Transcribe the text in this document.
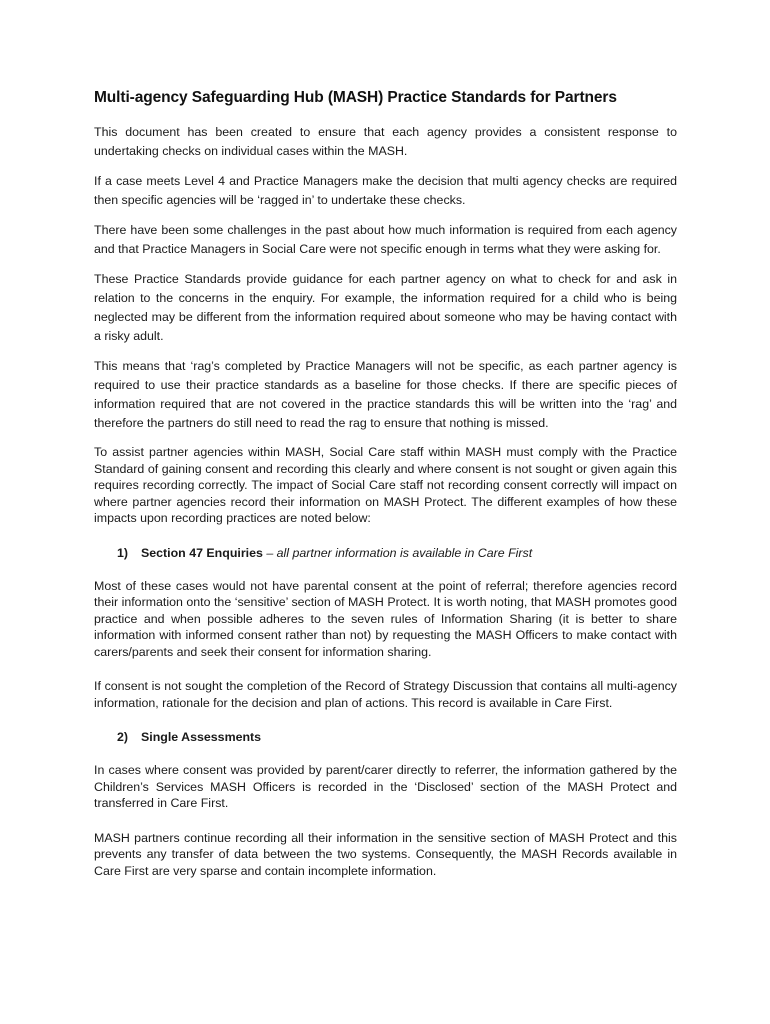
Multi-agency Safeguarding Hub (MASH) Practice Standards for Partners

This document has been created to ensure that each agency provides a consistent response to undertaking checks on individual cases within the MASH.

If a case meets Level 4 and Practice Managers make the decision that multi agency checks are required then specific agencies will be ‘ragged in’ to undertake these checks.

There have been some challenges in the past about how much information is required from each agency and that Practice Managers in Social Care were not specific enough in terms what they were asking for.

These Practice Standards provide guidance for each partner agency on what to check for and ask in relation to the concerns in the enquiry. For example, the information required for a child who is being neglected may be different from the information required about someone who may be having contact with a risky adult.

This means that ‘rag’s completed by Practice Managers will not be specific, as each partner agency is required to use their practice standards as a baseline for those checks. If there are specific pieces of information required that are not covered in the practice standards this will be written into the ‘rag’ and therefore the partners do still need to read the rag to ensure that nothing is missed.

To assist partner agencies within MASH, Social Care staff within MASH must comply with the Practice Standard of gaining consent and recording this clearly and where consent is not sought or given again this requires recording correctly. The impact of Social Care staff not recording consent correctly will impact on where partner agencies record their information on MASH Protect. The different examples of how these impacts upon recording practices are noted below:

1) Section 47 Enquiries – all partner information is available in Care First

Most of these cases would not have parental consent at the point of referral; therefore agencies record their information onto the ‘sensitive’ section of MASH Protect. It is worth noting, that MASH promotes good practice and when possible adheres to the seven rules of Information Sharing (it is better to share information with informed consent rather than not) by requesting the MASH Officers to make contact with carers/parents and seek their consent for information sharing.

If consent is not sought the completion of the Record of Strategy Discussion that contains all multi-agency information, rationale for the decision and plan of actions. This record is available in Care First.

2) Single Assessments

In cases where consent was provided by parent/carer directly to referrer, the information gathered by the Children’s Services MASH Officers is recorded in the ‘Disclosed’ section of the MASH Protect and transferred in Care First.

MASH partners continue recording all their information in the sensitive section of MASH Protect and this prevents any transfer of data between the two systems. Consequently, the MASH Records available in Care First are very sparse and contain incomplete information.
